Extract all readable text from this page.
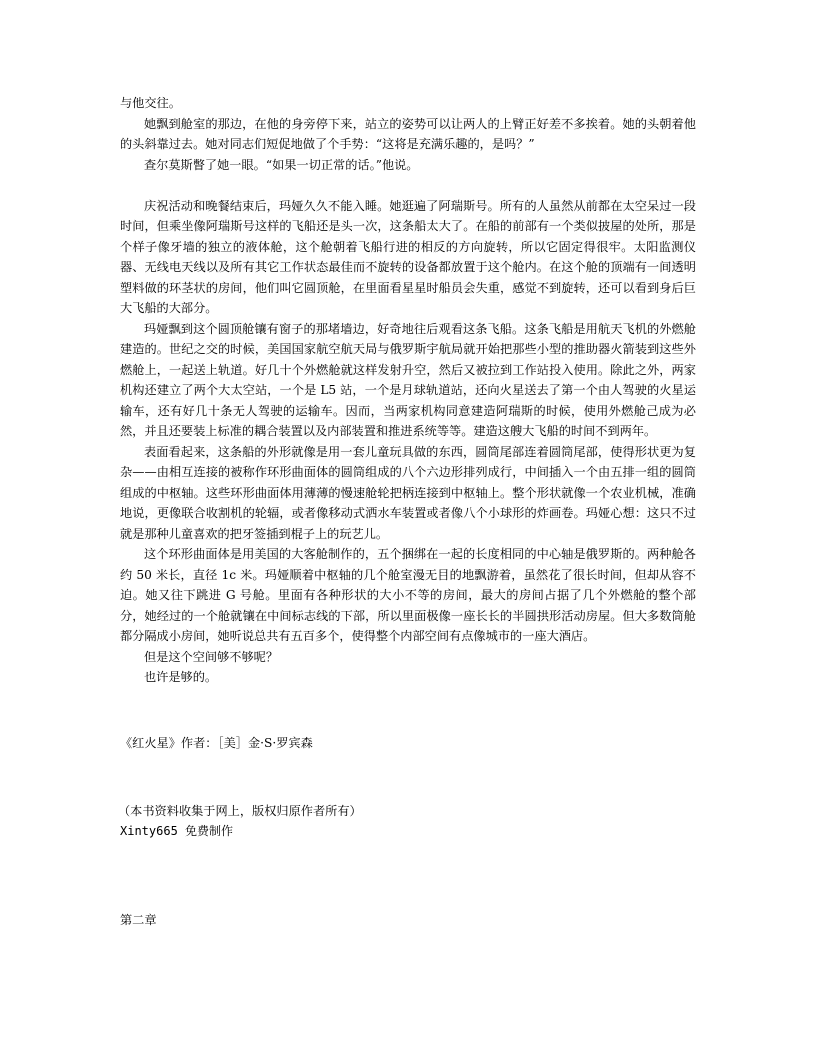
与他交往。

她飘到舱室的那边，在他的身旁停下来，站立的姿势可以让两人的上臂正好差不多挨着。她的头朝着他的头斜靠过去。她对同志们短促地做了个手势：“这将是充满乐趣的，是吗？”

查尔莫斯瞥了她一眼。“如果一切正常的话。”他说。

庆祝活动和晚餐结束后，玛娅久久不能入睡。她逛遍了阿瑞斯号。所有的人虽然从前都在太空呆过一段时间，但乘坐像阿瑞斯号这样的飞船还是头一次，这条船太大了。在船的前部有一个类似披屋的处所，那是个样子像牙墙的独立的液体舱，这个舱朝着飞船行进的相反的方向旋转，所以它固定得很牢。太阳监测仪器、无线电天线以及所有其它工作状态最佳而不旋转的设备都放置于这个舱内。在这个舱的顶端有一间透明塑料做的环茎状的房间，他们叫它圆顶舱，在里面看星星时船员会失重，感觉不到旋转，还可以看到身后巨大飞船的大部分。

玛娅飘到这个圆顶舱镶有窗子的那堵墙边，好奇地往后观看这条飞船。这条飞船是用航天飞机的外燃舱建造的。世纪之交的时候，美国国家航空航天局与俄罗斯宇航局就开始把那些小型的推助器火箭装到这些外燃舱上，一起送上轨道。好几十个外燃舱就这样发射升空，然后又被拉到工作站投入使用。除此之外，两家机构还建立了两个大太空站，一个是 L5 站，一个是月球轨道站，还向火星送去了第一个由人驾驶的火星运输车，还有好几十条无人驾驶的运输车。因而，当两家机构同意建造阿瑞斯的时候，使用外燃舱己成为必然，并且还要装上标准的耦合装置以及内部装置和推进系统等等。建造这艘大飞船的时间不到两年。

表面看起来，这条船的外形就像是用一套儿童玩具做的东西，圆筒尾部连着圆筒尾部，使得形状更为复杂——由相互连接的被称作环形曲面体的圆筒组成的八个六边形排列成行，中间插入一个由五排一组的圆筒组成的中枢轴。这些环形曲面体用薄薄的慢速舱轮把柄连接到中枢轴上。整个形状就像一个农业机械，准确地说，更像联合收割机的轮辐，或者像移动式洒水车装置或者像八个小球形的炸画卷。玛娅心想：这只不过就是那种儿童喜欢的把牙签插到棍子上的玩艺儿。

这个环形曲面体是用美国的大客舱制作的，五个捆绑在一起的长度相同的中心轴是俄罗斯的。两种舱各约 50 米长，直径 1c 米。玛娅顺着中枢轴的几个舱室漫无目的地飘游着，虽然花了很长时间，但却从容不迫。她又往下跳进 G 号舱。里面有各种形状的大小不等的房间，最大的房间占据了几个外燃舱的整个部分，她经过的一个舱就镶在中间标志线的下部，所以里面极像一座长长的半圆拱形活动房屋。但大多数筒舱都分隔成小房间，她听说总共有五百多个，使得整个内部空间有点像城市的一座大酒店。

但是这个空间够不够呢？

也许是够的。

《红火星》作者：［美］金·S·罗宾森
（本书资料收集于网上，版权归原作者所有）
Xinty665 免费制作
第二章
